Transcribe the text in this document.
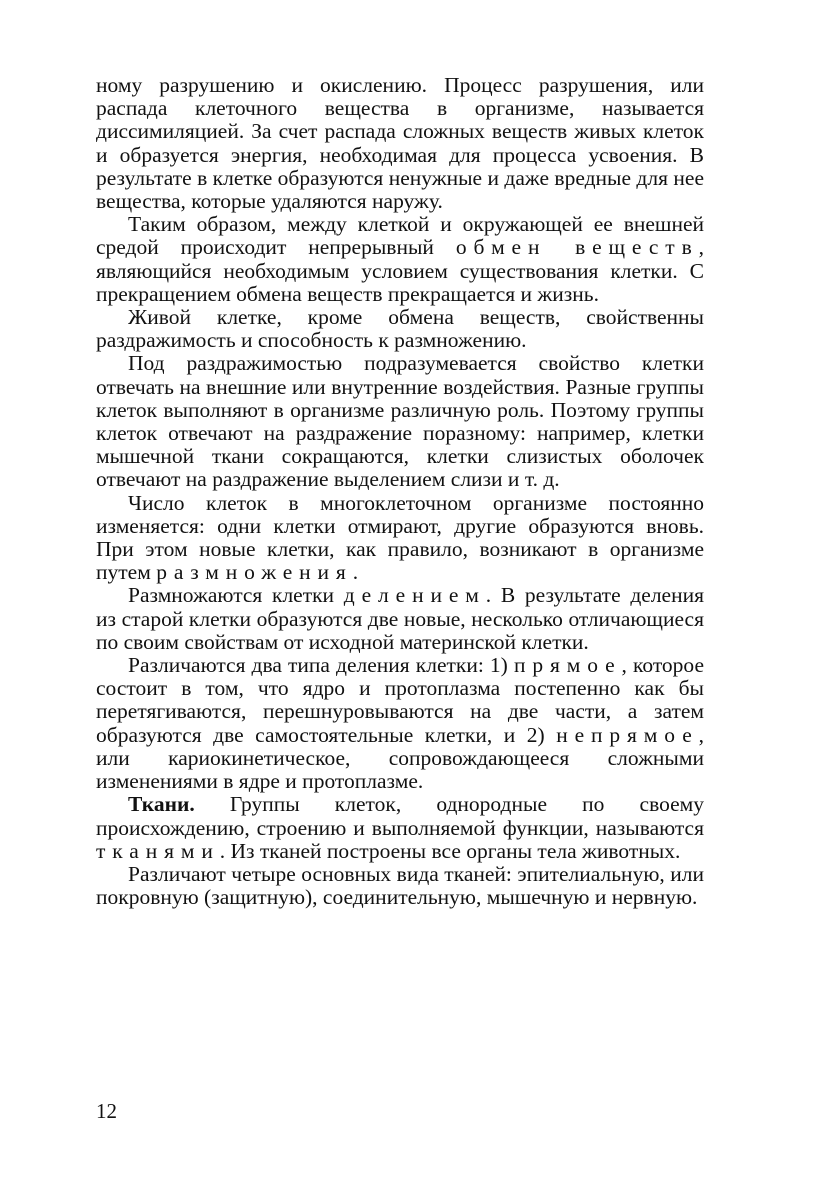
ному разрушению и окислению. Процесс разрушения, или распада клеточного вещества в организме, называется диссимиляцией. За счет распада сложных веществ живых клеток и образуется энергия, необходимая для процесса усвоения. В результате в клетке образуются ненужные и даже вредные для нее вещества, которые удаляются наружу.

Таким образом, между клеткой и окружающей ее внешней средой происходит непрерывный обмен веществ, являющийся необходимым условием существования клетки. С прекращением обмена веществ прекращается и жизнь.

Живой клетке, кроме обмена веществ, свойственны раздражимость и способность к размножению.

Под раздражимостью подразумевается свойство клетки отвечать на внешние или внутренние воздействия. Разные группы клеток выполняют в организме различную роль. Поэтому группы клеток отвечают на раздражение поразному: например, клетки мышечной ткани сокращаются, клетки слизистых оболочек отвечают на раздражение выделением слизи и т. д.

Число клеток в многоклеточном организме постоянно изменяется: одни клетки отмирают, другие образуются вновь. При этом новые клетки, как правило, возникают в организме путем размножения.

Размножаются клетки делением. В результате деления из старой клетки образуются две новые, несколько отличающиеся по своим свойствам от исходной материнской клетки.

Различаются два типа деления клетки: 1) прямое, которое состоит в том, что ядро и протоплазма постепенно как бы перетягиваются, перешнуровываются на две части, а затем образуются две самостоятельные клетки, и 2) непрямое, или кариокинетическое, сопровождающееся сложными изменениями в ядре и протоплазме.

Ткани. Группы клеток, однородные по своему происхождению, строению и выполняемой функции, называются тканями. Из тканей построены все органы тела животных.

Различают четыре основных вида тканей: эпителиальную, или покровную (защитную), соединительную, мышечную и нервную.

12
